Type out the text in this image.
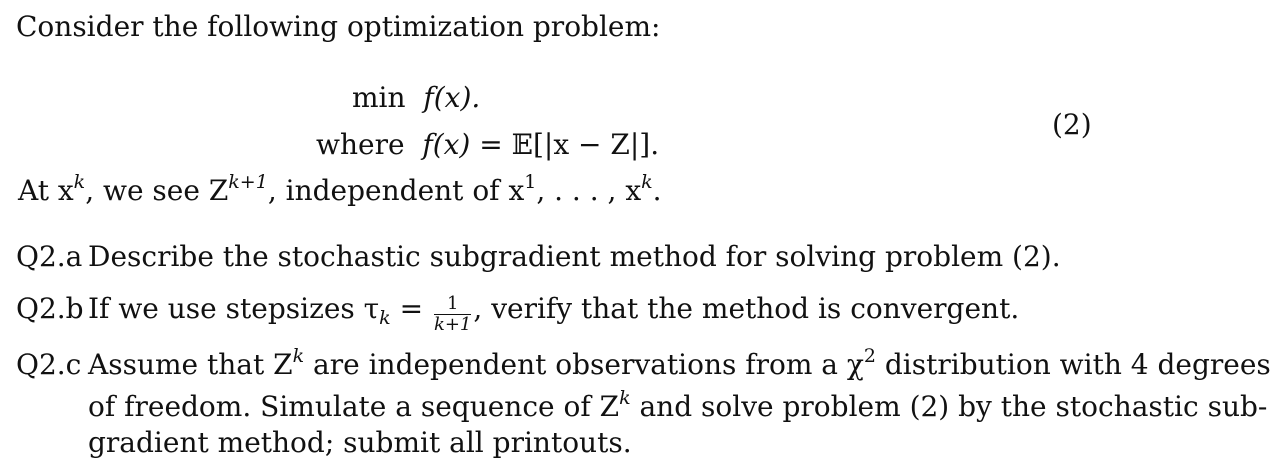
Consider the following optimization problem:
min f(x).
where f(x) = 𝔼[|x − Z|].
(2)
At $x^k$, we see $Z^{k+1}$, independent of $x^1$, . . . , $x^k$.
Q2.a Describe the stochastic subgradient method for solving problem (2).
Q2.b If we use stepsizes $\tau_k = \frac{1}{k+1}$ , verify that the method is convergent.
Q2.c Assume that $Z^k$ are independent observations from a $\chi^2$ distribution with 4 degrees
of freedom. Simulate a sequence of $Z^k$ and solve problem (2) by the stochastic sub-
gradient method; submit all printouts.
